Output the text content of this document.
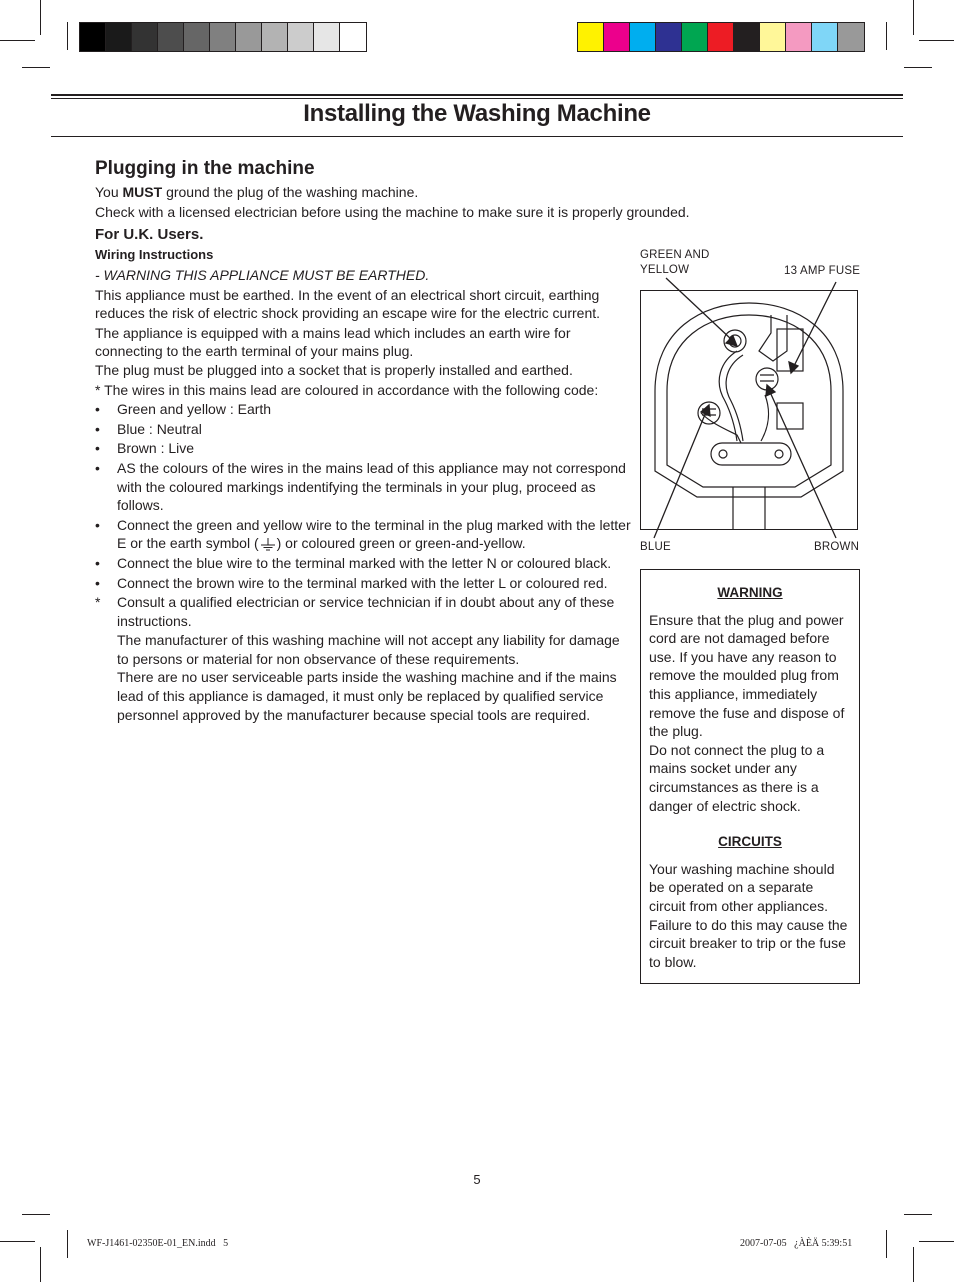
Installing the Washing Machine
Plugging in the machine
You MUST ground the plug of the washing machine.
Check with a licensed electrician before using the machine to make sure it is properly grounded.
For U.K. Users.
Wiring Instructions

- WARNING THIS APPLIANCE MUST BE EARTHED.

This appliance must be earthed. In the event of an electrical short circuit, earthing reduces the risk of electric shock providing an escape wire for the electric current.

The appliance is equipped with a mains lead which includes an earth wire for connecting to the earth terminal of your mains plug.

The plug must be plugged into a socket that is properly installed and earthed.

* The wires in this mains lead are coloured in accordance with the following code:

•	Green and yellow : Earth
•	Blue : Neutral
•	Brown : Live
•	AS the colours of the wires in the mains lead of this appliance may not correspond with the coloured markings indentifying the terminals in your plug, proceed as follows.
•	Connect the green and yellow wire to the terminal in the plug marked with the letter E or the earth symbol ( ) or coloured green or green-and-yellow.
•	Connect the blue wire to the terminal marked with the letter N or coloured black.
•	Connect the brown wire to the terminal marked with the letter L or coloured red.
*	Consult a qualified electrician or service technician if in doubt about any of these instructions.
The manufacturer of this washing machine will not accept any liability for damage to persons or material for non observance of these requirements.
There are no user serviceable parts inside the washing machine and if the mains lead of this appliance is damaged, it must only be replaced by qualified service personnel approved by the manufacturer because special tools are required.
GREEN AND
YELLOW	13 AMP FUSE
BLUE	BROWN
WARNING

Ensure that the plug and power cord are not damaged before use. If you have any reason to remove the moulded plug from this appliance, immediately remove the fuse and dispose of the plug.

Do not connect the plug to a mains socket under any circumstances as there is a danger of electric shock.

CIRCUITS

Your washing machine should be operated on a separate circuit from other appliances. Failure to do this may cause the circuit breaker to trip or the fuse to blow.

5
WF-J1461-02350E-01_EN.indd   5	2007-07-05   ¿ÀÈÄ 5:39:51
